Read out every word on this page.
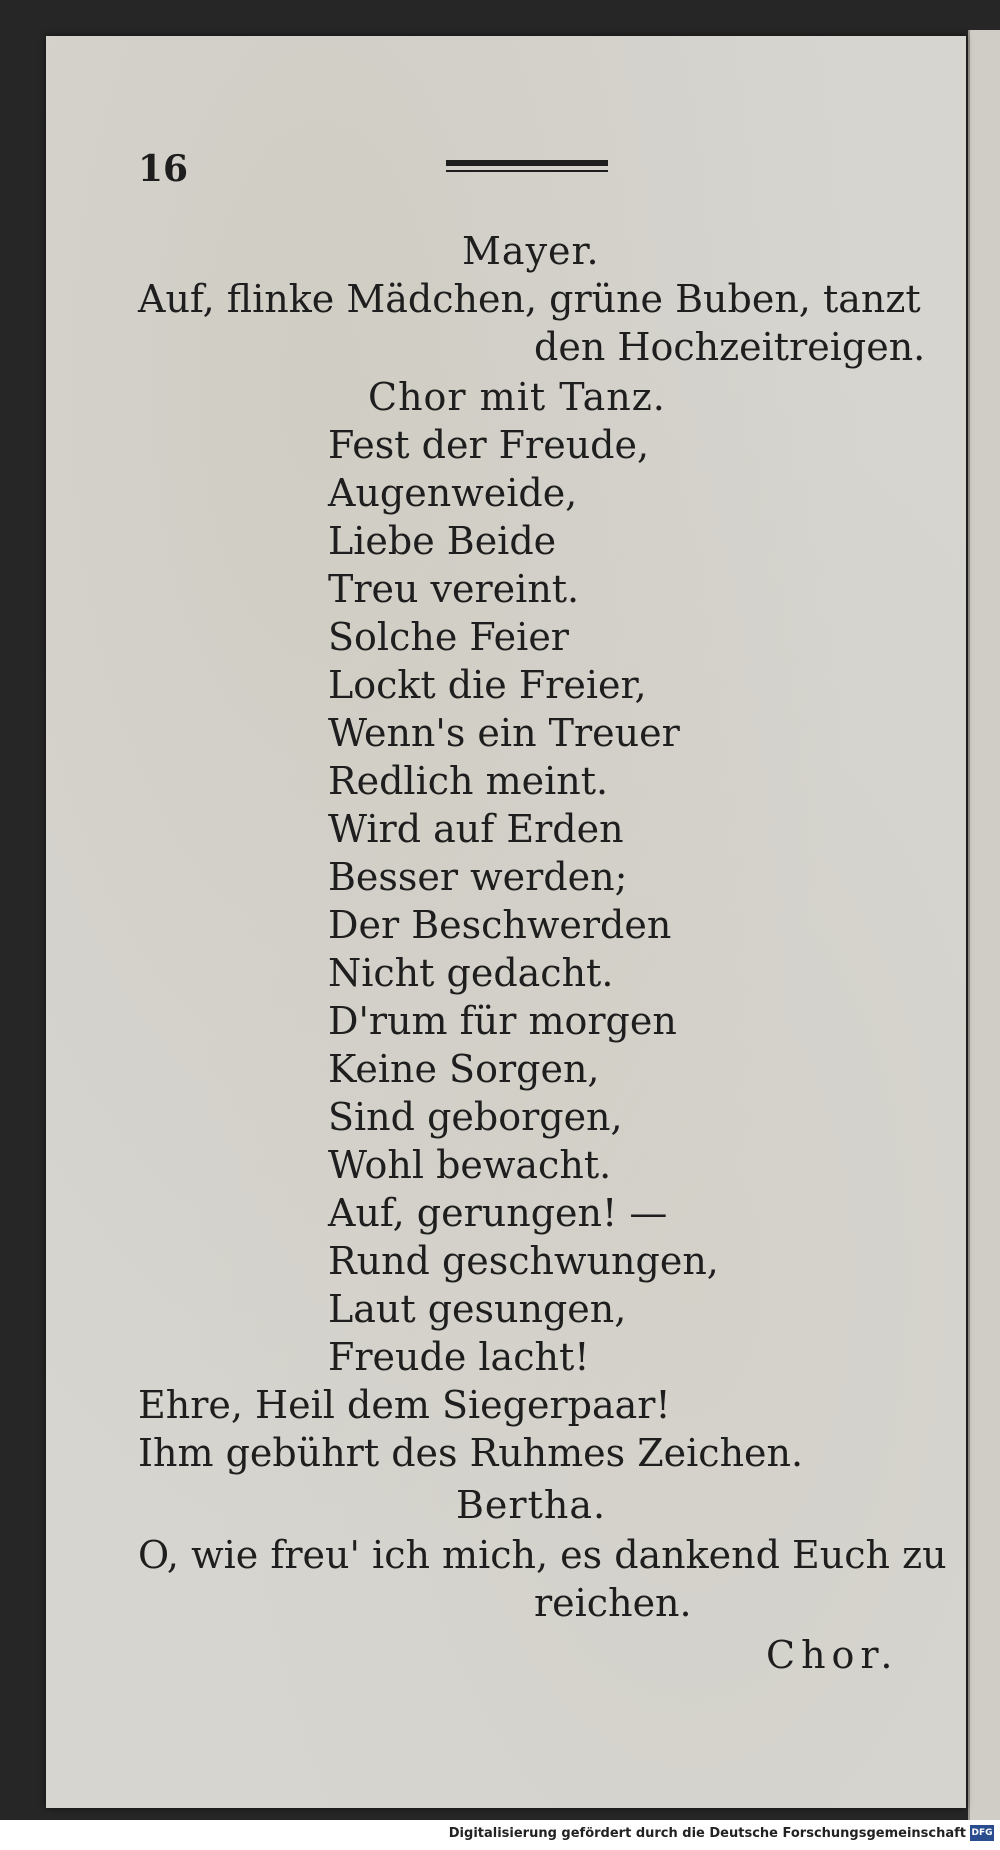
16
Mayer.
Auf, flinke Mädchen, grüne Buben, tanzt
den Hochzeitreigen.
Chor mit Tanz.
Fest der Freude,
Augenweide,
Liebe Beide
Treu vereint.
Solche Feier
Lockt die Freier,
Wenn's ein Treuer
Redlich meint.
Wird auf Erden
Besser werden;
Der Beschwerden
Nicht gedacht.
D'rum für morgen
Keine Sorgen,
Sind geborgen,
Wohl bewacht.
Auf, gerungen! —
Rund geschwungen,
Laut gesungen,
Freude lacht!
Ehre, Heil dem Siegerpaar!
Ihm gebührt des Ruhmes Zeichen.
Bertha.
O, wie freu' ich mich, es dankend Euch zu
reichen.
Chor.
Digitalisierung gefördert durch die Deutsche Forschungsgemeinschaft DFG
